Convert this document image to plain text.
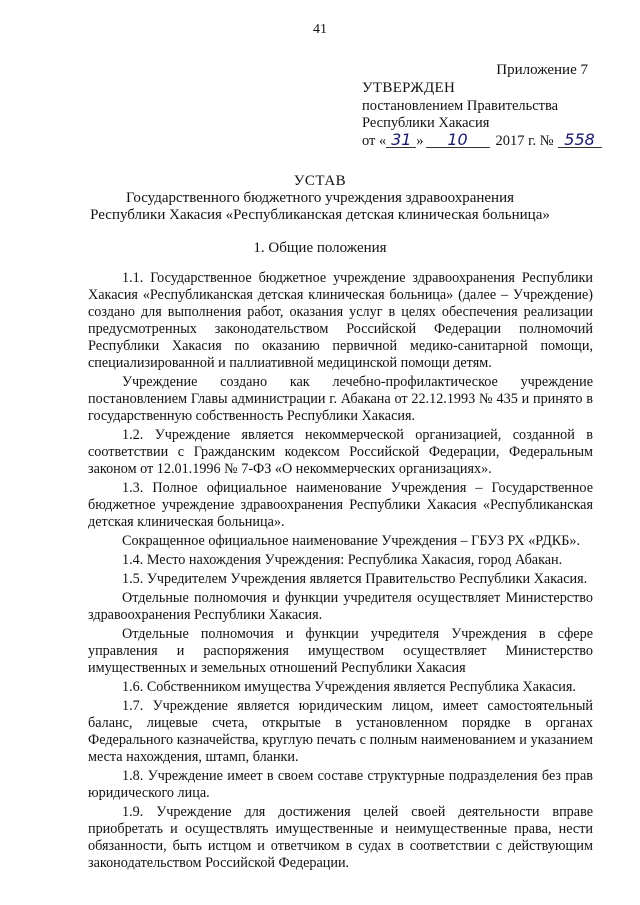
41
Приложение 7
УТВЕРЖДЕН
постановлением Правительства
Республики Хакасия
от « 31 »	10	2017 г. № 558
УСТАВ
Государственного бюджетного учреждения здравоохранения
Республики Хакасия «Республиканская детская клиническая больница»
1. Общие положения

1.1. Государственное бюджетное учреждение здравоохранения Республики Хакасия «Республиканская детская клиническая больница» (далее – Учреждение) создано для выполнения работ, оказания услуг в целях обеспечения реализации предусмотренных законодательством Российской Федерации полномочий Республики Хакасия по оказанию первичной медико-санитарной помощи, специализированной и паллиативной медицинской помощи детям.

Учреждение создано как лечебно-профилактическое учреждение постановлением Главы администрации г. Абакана от 22.12.1993 № 435 и принято в государственную собственность Республики Хакасия.

1.2. Учреждение является некоммерческой организацией, созданной в соответствии с Гражданским кодексом Российской Федерации, Федеральным законом от 12.01.1996 № 7-ФЗ «О некоммерческих организациях».

1.3. Полное официальное наименование Учреждения – Государственное бюджетное учреждение здравоохранения Республики Хакасия «Республиканская детская клиническая больница».

Сокращенное официальное наименование Учреждения – ГБУЗ РХ «РДКБ».

1.4. Место нахождения Учреждения: Республика Хакасия, город Абакан.

1.5. Учредителем Учреждения является Правительство Республики Хакасия.

Отдельные полномочия и функции учредителя осуществляет Министерство здравоохранения Республики Хакасия.

Отдельные полномочия и функции учредителя Учреждения в сфере управления и распоряжения имуществом осуществляет Министерство имущественных и земельных отношений Республики Хакасия

1.6. Собственником имущества Учреждения является Республика Хакасия.

1.7. Учреждение является юридическим лицом, имеет самостоятельный баланс, лицевые счета, открытые в установленном порядке в органах Федерального казначейства, круглую печать с полным наименованием и указанием места нахождения, штамп, бланки.

1.8. Учреждение имеет в своем составе структурные подразделения без прав юридического лица.

1.9. Учреждение для достижения целей своей деятельности вправе приобретать и осуществлять имущественные и неимущественные права, нести обязанности, быть истцом и ответчиком в судах в соответствии с действующим законодательством Российской Федерации.
